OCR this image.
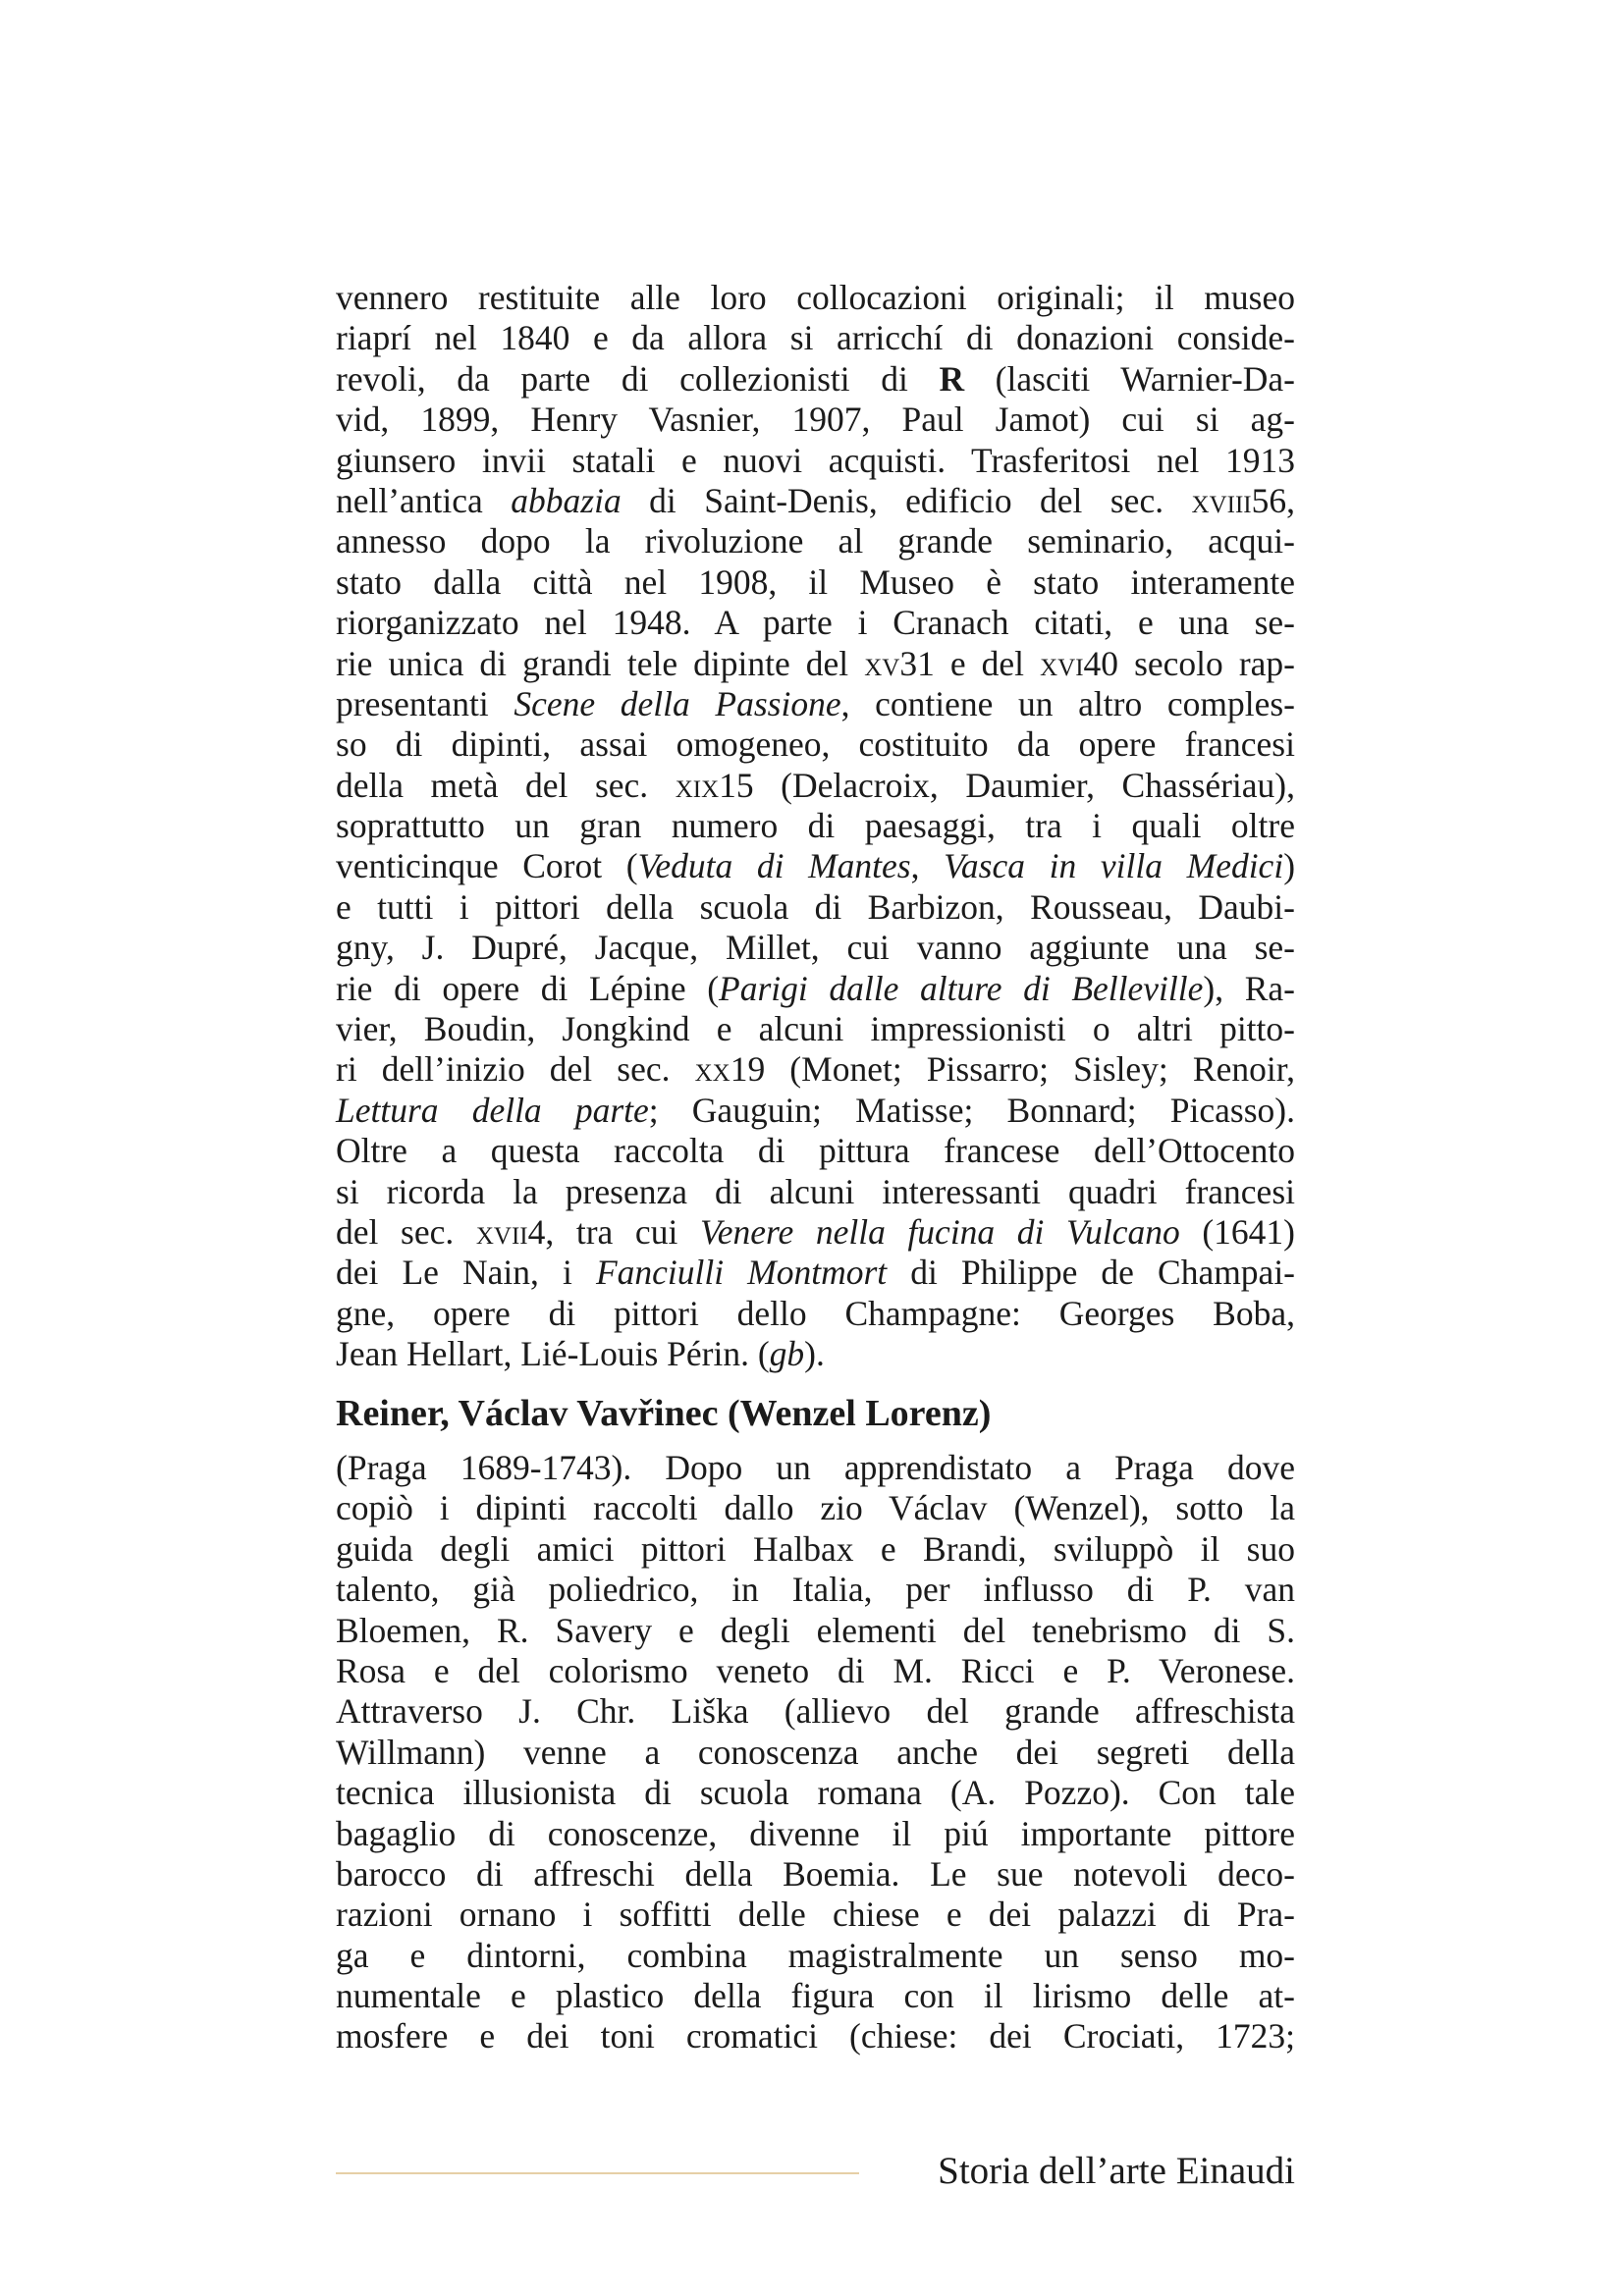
vennero restituite alle loro collocazioni originali; il museo
riaprí nel 1840 e da allora si arricchí di donazioni conside-
revoli, da parte di collezionisti di R (lasciti Warnier-Da-
vid, 1899, Henry Vasnier, 1907, Paul Jamot) cui si ag-
giunsero invii statali e nuovi acquisti. Trasferitosi nel 1913
nell’antica abbazia di Saint-Denis, edificio del sec. xviii56,
annesso dopo la rivoluzione al grande seminario, acqui-
stato dalla città nel 1908, il Museo è stato interamente
riorganizzato nel 1948. A parte i Cranach citati, e una se-
rie unica di grandi tele dipinte del xv31 e del xvi40 secolo rap-
presentanti Scene della Passione, contiene un altro comples-
so di dipinti, assai omogeneo, costituito da opere francesi
della metà del sec. xix15 (Delacroix, Daumier, Chassériau),
soprattutto un gran numero di paesaggi, tra i quali oltre
venticinque Corot (Veduta di Mantes, Vasca in villa Medici)
e tutti i pittori della scuola di Barbizon, Rousseau, Daubi-
gny, J. Dupré, Jacque, Millet, cui vanno aggiunte una se-
rie di opere di Lépine (Parigi dalle alture di Belleville), Ra-
vier, Boudin, Jongkind e alcuni impressionisti o altri pitto-
ri dell’inizio del sec. xx19 (Monet; Pissarro; Sisley; Renoir,
Lettura della parte; Gauguin; Matisse; Bonnard; Picasso).
Oltre a questa raccolta di pittura francese dell’Ottocento
si ricorda la presenza di alcuni interessanti quadri francesi
del sec. xvii4, tra cui Venere nella fucina di Vulcano (1641)
dei Le Nain, i Fanciulli Montmort di Philippe de Champai-
gne, opere di pittori dello Champagne: Georges Boba,
Jean Hellart, Lié-Louis Périn. (gb).
Reiner, Václav Vavřinec (Wenzel Lorenz)
(Praga 1689-1743). Dopo un apprendistato a Praga dove
copiò i dipinti raccolti dallo zio Václav (Wenzel), sotto la
guida degli amici pittori Halbax e Brandi, sviluppò il suo
talento, già poliedrico, in Italia, per influsso di P. van
Bloemen, R. Savery e degli elementi del tenebrismo di S.
Rosa e del colorismo veneto di M. Ricci e P. Veronese.
Attraverso J. Chr. Liška (allievo del grande affreschista
Willmann) venne a conoscenza anche dei segreti della
tecnica illusionista di scuola romana (A. Pozzo). Con tale
bagaglio di conoscenze, divenne il piú importante pittore
barocco di affreschi della Boemia. Le sue notevoli deco-
razioni ornano i soffitti delle chiese e dei palazzi di Pra-
ga e dintorni, combina magistralmente un senso mo-
numentale e plastico della figura con il lirismo delle at-
mosfere e dei toni cromatici (chiese: dei Crociati, 1723;
Storia dell’arte Einaudi
